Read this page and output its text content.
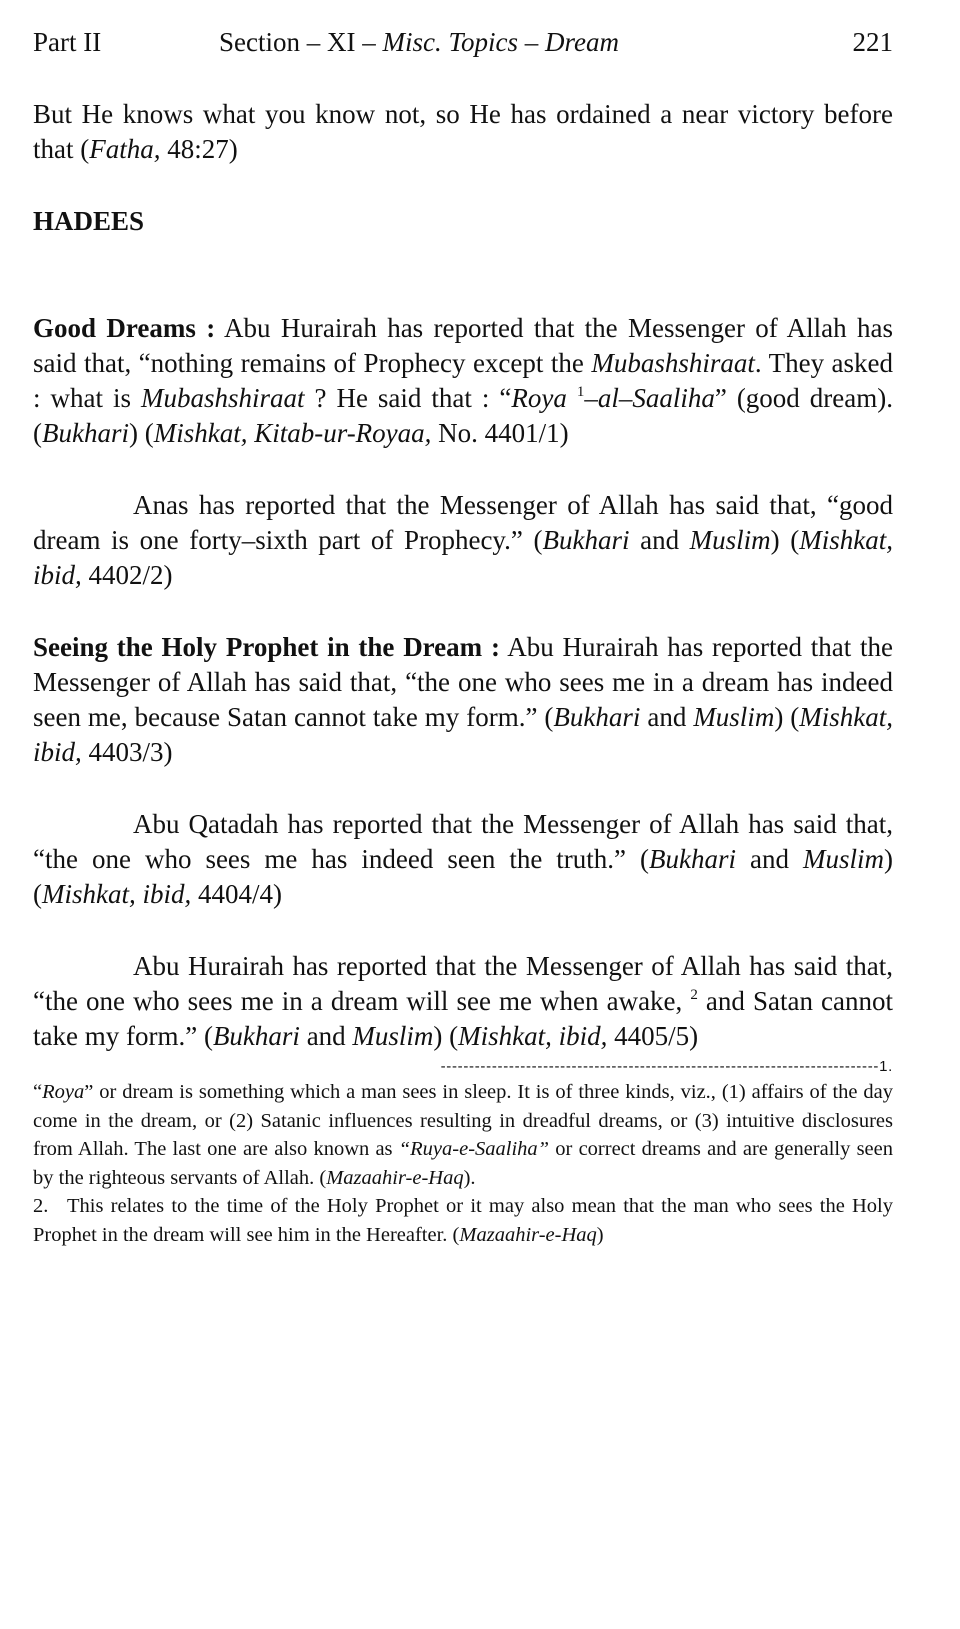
Part II	Section – XI – Misc. Topics – Dream	221

But He knows what you know not, so He has ordained a near victory before that (Fatha, 48:27)

HADEES

Good Dreams : Abu Hurairah has reported that the Messenger of Allah has said that, “nothing remains of Prophecy except the Mubashshiraat. They asked : what is Mubashshiraat ? He said that : “Roya $^1$–al–Saaliha” (good dream). (Bukhari) (Mishkat, Kitab-ur-Royaa, No. 4401/1)

Anas has reported that the Messenger of Allah has said that, “good dream is one forty–sixth part of Prophecy.” (Bukhari and Muslim) (Mishkat, ibid, 4402/2)

Seeing the Holy Prophet in the Dream : Abu Hurairah has reported that the Messenger of Allah has said that, “the one who sees me in a dream has indeed seen me, because Satan cannot take my form.” (Bukhari and Muslim) (Mishkat, ibid, 4403/3)

Abu Qatadah has reported that the Messenger of Allah has said that, “the one who sees me has indeed seen the truth.” (Bukhari and Muslim) (Mishkat, ibid, 4404/4)

Abu Hurairah has reported that the Messenger of Allah has said that, “the one who sees me in a dream will see me when awake, $^2$ and Satan cannot take my form.” (Bukhari and Muslim) (Mishkat, ibid, 4405/5)

-----------------------------------------------------------------------------1.

“Roya” or dream is something which a man sees in sleep. It is of three kinds, viz., (1) affairs of the day come in the dream, or (2) Satanic influences resulting in dreadful dreams, or (3) intuitive disclosures from Allah. The last one are also known as “Ruya-e-Saaliha” or correct dreams and are generally seen by the righteous servants of Allah. (Mazaahir-e-Haq).

2. This relates to the time of the Holy Prophet or it may also mean that the man who sees the Holy Prophet in the dream will see him in the Hereafter. (Mazaahir-e-Haq)
